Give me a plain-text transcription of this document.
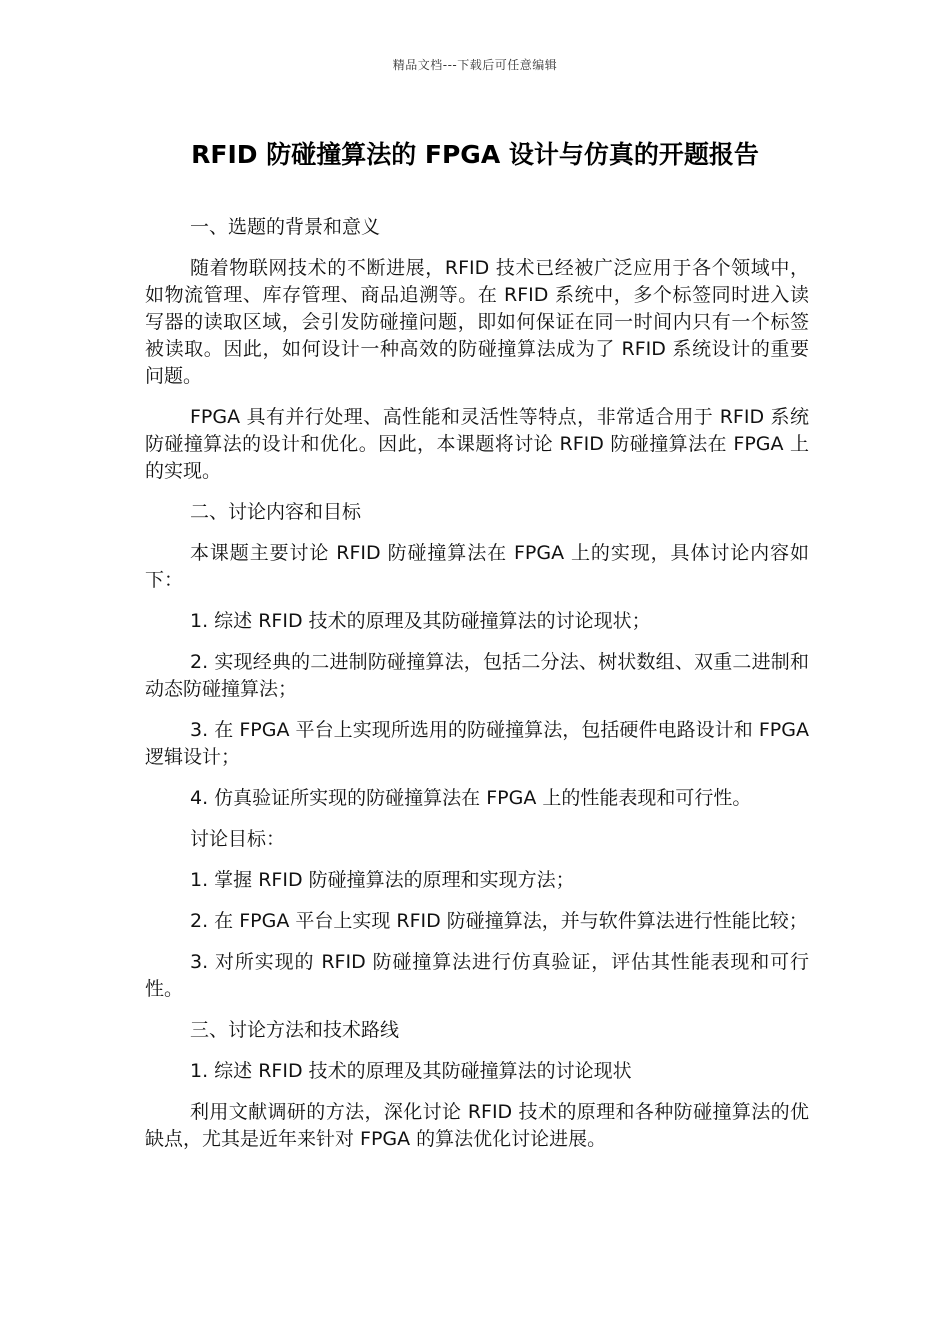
精品文档---下载后可任意编辑
RFID 防碰撞算法的 FPGA 设计与仿真的开题报告

一、选题的背景和意义

随着物联网技术的不断进展，RFID 技术已经被广泛应用于各个领域中，如物流管理、库存管理、商品追溯等。在 RFID 系统中，多个标签同时进入读写器的读取区域，会引发防碰撞问题，即如何保证在同一时间内只有一个标签被读取。因此，如何设计一种高效的防碰撞算法成为了 RFID 系统设计的重要问题。

FPGA 具有并行处理、高性能和灵活性等特点，非常适合用于 RFID 系统防碰撞算法的设计和优化。因此，本课题将讨论 RFID 防碰撞算法在 FPGA 上的实现。

二、讨论内容和目标

本课题主要讨论 RFID 防碰撞算法在 FPGA 上的实现，具体讨论内容如下：

1. 综述 RFID 技术的原理及其防碰撞算法的讨论现状；

2. 实现经典的二进制防碰撞算法，包括二分法、树状数组、双重二进制和动态防碰撞算法；

3. 在 FPGA 平台上实现所选用的防碰撞算法，包括硬件电路设计和 FPGA 逻辑设计；

4. 仿真验证所实现的防碰撞算法在 FPGA 上的性能表现和可行性。

讨论目标：

1. 掌握 RFID 防碰撞算法的原理和实现方法；

2. 在 FPGA 平台上实现 RFID 防碰撞算法，并与软件算法进行性能比较；

3. 对所实现的 RFID 防碰撞算法进行仿真验证，评估其性能表现和可行性。

三、讨论方法和技术路线

1. 综述 RFID 技术的原理及其防碰撞算法的讨论现状

利用文献调研的方法，深化讨论 RFID 技术的原理和各种防碰撞算法的优缺点，尤其是近年来针对 FPGA 的算法优化讨论进展。
